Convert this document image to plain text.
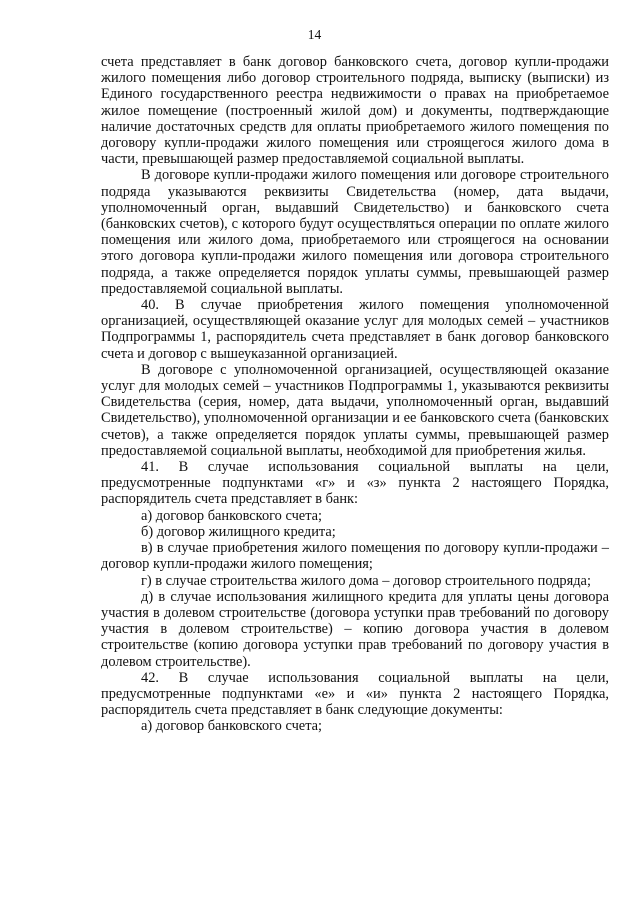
14

счета представляет в банк договор банковского счета, договор купли-продажи жилого помещения либо договор строительного подряда, выписку (выписки) из Единого государственного реестра недвижимости о правах на приобретаемое жилое помещение (построенный жилой дом) и документы, подтверждающие наличие достаточных средств для оплаты приобретаемого жилого помещения по договору купли-продажи жилого помещения или строящегося жилого дома в части, превышающей размер предоставляемой социальной выплаты.

В договоре купли-продажи жилого помещения или договоре строительного подряда указываются реквизиты Свидетельства (номер, дата выдачи, уполномоченный орган, выдавший Свидетельство) и банковского счета (банковских счетов), с которого будут осуществляться операции по оплате жилого помещения или жилого дома, приобретаемого или строящегося на основании этого договора купли-продажи жилого помещения или договора строительного подряда, а также определяется порядок уплаты суммы, превышающей размер предоставляемой социальной выплаты.

40. В случае приобретения жилого помещения уполномоченной организацией, осуществляющей оказание услуг для молодых семей – участников Подпрограммы 1, распорядитель счета представляет в банк договор банковского счета и договор с вышеуказанной организацией.

В договоре с уполномоченной организацией, осуществляющей оказание услуг для молодых семей – участников Подпрограммы 1, указываются реквизиты Свидетельства (серия, номер, дата выдачи, уполномоченный орган, выдавший Свидетельство), уполномоченной организации и ее банковского счета (банковских счетов), а также определяется порядок уплаты суммы, превышающей размер предоставляемой социальной выплаты, необходимой для приобретения жилья.

41. В случае использования социальной выплаты на цели, предусмотренные подпунктами «г» и «з» пункта 2 настоящего Порядка, распорядитель счета представляет в банк:

а) договор банковского счета;

б) договор жилищного кредита;

в) в случае приобретения жилого помещения по договору купли-продажи – договор купли-продажи жилого помещения;

г) в случае строительства жилого дома – договор строительного подряда;

д) в случае использования жилищного кредита для уплаты цены договора участия в долевом строительстве (договора уступки прав требований по договору участия в долевом строительстве) – копию договора участия в долевом строительстве (копию договора уступки прав требований по договору участия в долевом строительстве).

42. В случае использования социальной выплаты на цели, предусмотренные подпунктами «е» и «и» пункта 2 настоящего Порядка, распорядитель счета представляет в банк следующие документы:

а) договор банковского счета;
